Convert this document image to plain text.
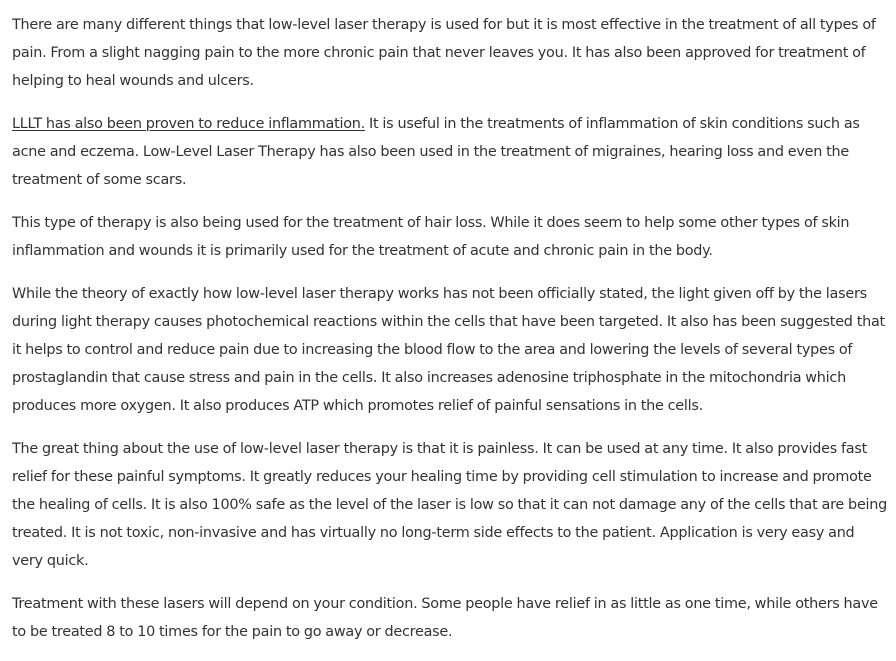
There are many different things that low-level laser therapy is used for but it is most effective in the treatment of all types of pain. From a slight nagging pain to the more chronic pain that never leaves you. It has also been approved for treatment of helping to heal wounds and ulcers.

LLLT has also been proven to reduce inflammation. It is useful in the treatments of inflammation of skin conditions such as acne and eczema. Low-Level Laser Therapy has also been used in the treatment of migraines, hearing loss and even the treatment of some scars.

This type of therapy is also being used for the treatment of hair loss. While it does seem to help some other types of skin inflammation and wounds it is primarily used for the treatment of acute and chronic pain in the body.

While the theory of exactly how low-level laser therapy works has not been officially stated, the light given off by the lasers during light therapy causes photochemical reactions within the cells that have been targeted. It also has been suggested that it helps to control and reduce pain due to increasing the blood flow to the area and lowering the levels of several types of prostaglandin that cause stress and pain in the cells. It also increases adenosine triphosphate in the mitochondria which produces more oxygen. It also produces ATP which promotes relief of painful sensations in the cells.

The great thing about the use of low-level laser therapy is that it is painless. It can be used at any time. It also provides fast relief for these painful symptoms. It greatly reduces your healing time by providing cell stimulation to increase and promote the healing of cells. It is also 100% safe as the level of the laser is low so that it can not damage any of the cells that are being treated. It is not toxic, non-invasive and has virtually no long-term side effects to the patient. Application is very easy and very quick.

Treatment with these lasers will depend on your condition. Some people have relief in as little as one time, while others have to be treated 8 to 10 times for the pain to go away or decrease.
